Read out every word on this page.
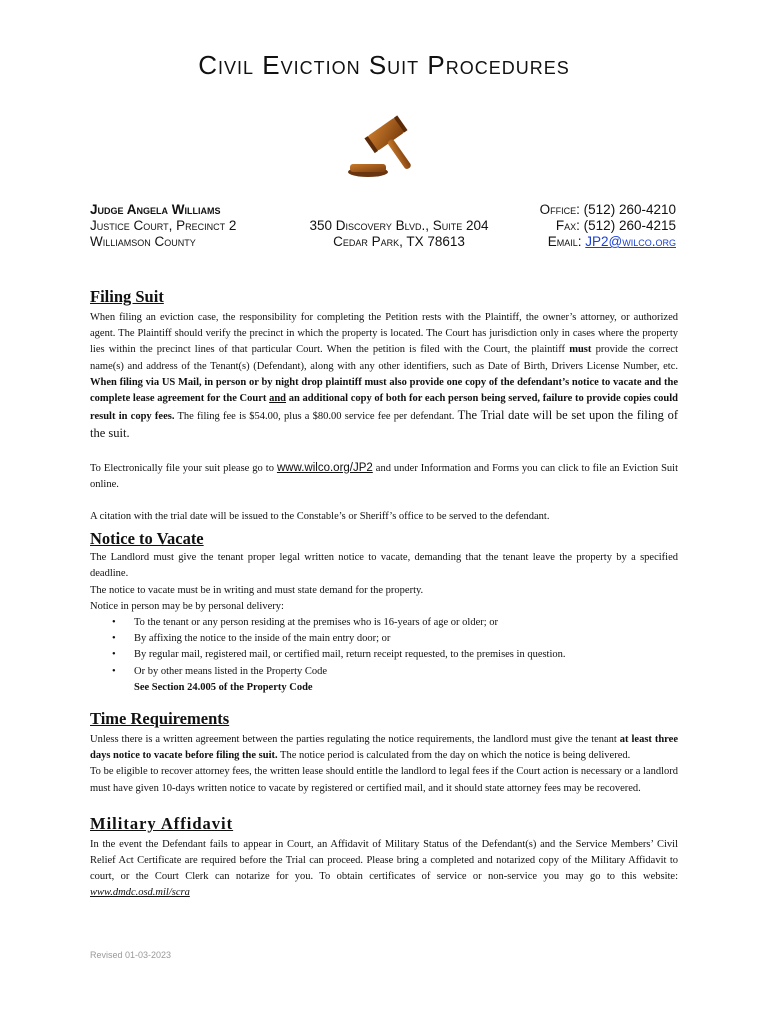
Civil Eviction Suit Procedures
Judge Angela Williams
Justice Court, Precinct 2
Williamson County

350 Discovery Blvd., Suite 204
Cedar Park, TX 78613
Office: (512) 260-4210
Fax: (512) 260-4215
Email: JP2@wilco.org
Filing Suit

When filing an eviction case, the responsibility for completing the Petition rests with the Plaintiff, the owner’s attorney, or authorized agent. The Plaintiff should verify the precinct in which the property is located. The Court has jurisdiction only in cases where the property lies within the precinct lines of that particular Court. When the petition is filed with the Court, the plaintiff must provide the correct name(s) and address of the Tenant(s) (Defendant), along with any other identifiers, such as Date of Birth, Drivers License Number, etc. When filing via US Mail, in person or by night drop plaintiff must also provide one copy of the defendant’s notice to vacate and the complete lease agreement for the Court and an additional copy of both for each person being served, failure to provide copies could result in copy fees. The filing fee is $54.00, plus a $80.00 service fee per defendant. The Trial date will be set upon the filing of the suit.

To Electronically file your suit please go to www.wilco.org/JP2 and under Information and Forms you can click to file an Eviction Suit online.

A citation with the trial date will be issued to the Constable’s or Sheriff’s office to be served to the defendant.

Notice to Vacate

The Landlord must give the tenant proper legal written notice to vacate, demanding that the tenant leave the property by a specified deadline.

The notice to vacate must be in writing and must state demand for the property.

Notice in person may be by personal delivery:

• To the tenant or any person residing at the premises who is 16-years of age or older; or
• By affixing the notice to the inside of the main entry door; or
• By regular mail, registered mail, or certified mail, return receipt requested, to the premises in question.
• Or by other means listed in the Property Code
See Section 24.005 of the Property Code
Time Requirements

Unless there is a written agreement between the parties regulating the notice requirements, the landlord must give the tenant at least three days notice to vacate before filing the suit. The notice period is calculated from the day on which the notice is being delivered.

To be eligible to recover attorney fees, the written lease should entitle the landlord to legal fees if the Court action is necessary or a landlord must have given 10-days written notice to vacate by registered or certified mail, and it should state attorney fees may be recovered.

Military Affidavit

In the event the Defendant fails to appear in Court, an Affidavit of Military Status of the Defendant(s) and the Service Members’ Civil Relief Act Certificate are required before the Trial can proceed. Please bring a completed and notarized copy of the Military Affidavit to court, or the Court Clerk can notarize for you. To obtain certificates of service or non-service you may go to this website: www.dmdc.osd.mil/scra

Revised 01-03-2023
